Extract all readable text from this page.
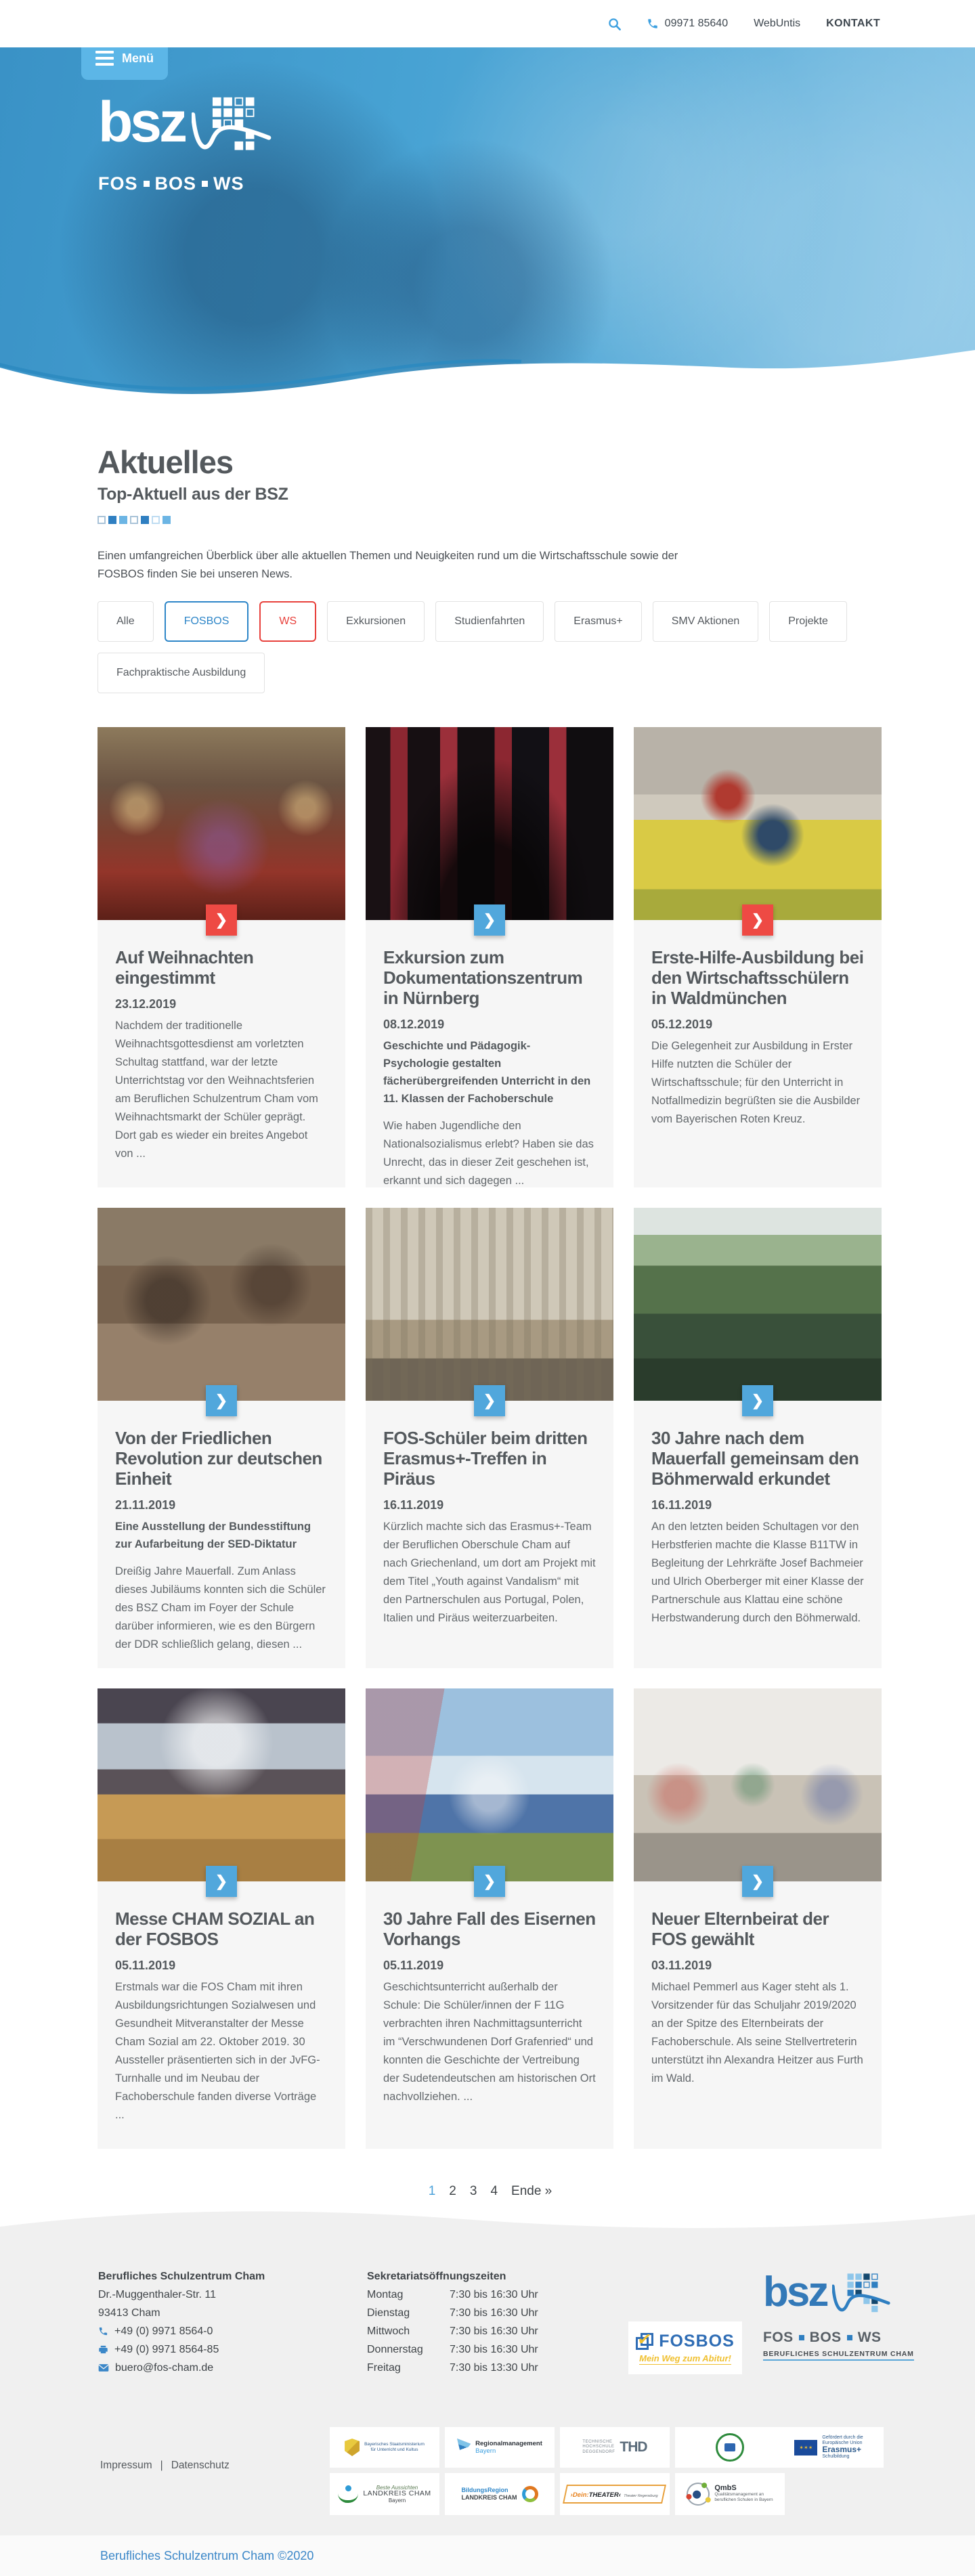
09971 85640 WebUntis KONTAKT
Menü
bsz
FOS BOS WS
Aktuelles
Top-Aktuell aus der BSZ

Einen umfangreichen Überblick über alle aktuellen Themen und Neuigkeiten rund um die Wirtschaftsschule sowie der FOSBOS finden Sie bei unseren News.

Alle	FOSBOS	WS	Exkursionen	Studienfahrten	Erasmus+	SMV Aktionen	Projekte
Fachpraktische Ausbildung
❯
Auf Weihnachten eingestimmt
23.12.2019

Nachdem der traditionelle Weihnachtsgottesdienst am vorletzten Schultag stattfand, war der letzte Unterrichtstag vor den Weihnachtsferien am Beruflichen Schulzentrum Cham vom Weihnachtsmarkt der Schüler geprägt. Dort gab es wieder ein breites Angebot von ...

❯
Exkursion zum Dokumentationszentrum in Nürnberg
08.12.2019

Geschichte und Pädagogik-Psychologie gestalten fächerübergreifenden Unterricht in den 11. Klassen der Fachoberschule

Wie haben Jugendliche den Nationalsozialismus erlebt? Haben sie das Unrecht, das in dieser Zeit geschehen ist, erkannt und sich dagegen ...

❯
Erste-Hilfe-Ausbildung bei den Wirtschaftsschülern in Waldmünchen
05.12.2019

Die Gelegenheit zur Ausbildung in Erster Hilfe nutzten die Schüler der Wirtschaftsschule; für den Unterricht in Notfallmedizin begrüßten sie die Ausbilder vom Bayerischen Roten Kreuz.

❯
Von der Friedlichen Revolution zur deutschen Einheit
21.11.2019

Eine Ausstellung der Bundesstiftung zur Aufarbeitung der SED-Diktatur

Dreißig Jahre Mauerfall. Zum Anlass dieses Jubiläums konnten sich die Schüler des BSZ Cham im Foyer der Schule darüber informieren, wie es den Bürgern der DDR schließlich gelang, diesen ...

❯
FOS-Schüler beim dritten Erasmus+-Treffen in Piräus
16.11.2019

Kürzlich machte sich das Erasmus+-Team der Beruflichen Oberschule Cham auf nach Griechenland, um dort am Projekt mit dem Titel „Youth against Vandalism“ mit den Partnerschulen aus Portugal, Polen, Italien und Piräus weiterzuarbeiten.

❯
30 Jahre nach dem Mauerfall gemeinsam den Böhmerwald erkundet
16.11.2019

An den letzten beiden Schultagen vor den Herbstferien machte die Klasse B11TW in Begleitung der Lehrkräfte Josef Bachmeier und Ulrich Oberberger mit einer Klasse der Partnerschule aus Klattau eine schöne Herbstwanderung durch den Böhmerwald.

❯
Messe CHAM SOZIAL an der FOSBOS
05.11.2019

Erstmals war die FOS Cham mit ihren Ausbildungsrichtungen Sozialwesen und Gesundheit Mitveranstalter der Messe Cham Sozial am 22. Oktober 2019. 30 Aussteller präsentierten sich in der JvFG-Turnhalle und im Neubau der Fachoberschule fanden diverse Vorträge ...

❯
30 Jahre Fall des Eisernen Vorhangs
05.11.2019

Geschichtsunterricht außerhalb der Schule: Die Schüler/innen der F 11G verbrachten ihren Nachmittagsunterricht im “Verschwundenen Dorf Grafenried“ und konnten die Geschichte der Vertreibung der Sudetendeutschen am historischen Ort nachvollziehen. ...

❯
Neuer Elternbeirat der FOS gewählt
03.11.2019

Michael Pemmerl aus Kager steht als 1. Vorsitzender für das Schuljahr 2019/2020 an der Spitze des Elternbeirats der Fachoberschule. Als seine Stellvertreterin unterstützt ihn Alexandra Heitzer aus Furth im Wald.

1 2 3 4 Ende »
Berufliches Schulzentrum Cham
Dr.-Muggenthaler-Str. 11
93413 Cham
+49 (0) 9971 8564-0
+49 (0) 9971 8564-85
buero@fos-cham.de
Sekretariatsöffnungszeiten
Montag	7:30 bis 16:30 Uhr
Dienstag	7:30 bis 16:30 Uhr
Mittwoch	7:30 bis 16:30 Uhr
Donnerstag 7:30 bis 16:30 Uhr
Freitag	7:30 bis 13:30 Uhr
✓ FOSBOS
Mein Weg zum Abitur!
bsz
FOS BOS WS
BERUFLICHES SCHULZENTRUM CHAM
Bayerisches Staatsministerium
für Unterricht und Kultus
Regionalmanagement
Bayern
TECHNISCHE
HOCHSCHULE
DEGGENDORF THD	✶✶✶
Gefördert durch die
Europäische Union
Erasmus+
Schulbildung
Beste Aussichten
LANDKREIS CHAM
Bayern
BildungsRegion
LANDKREIS CHAM	›Dein:THEATER‹ Theater Regensburg
QmbS
Qualitätsmanagement an
beruflichen Schulen in Bayern
Impressum | Datenschutz
Berufliches Schulzentrum Cham ©2020
